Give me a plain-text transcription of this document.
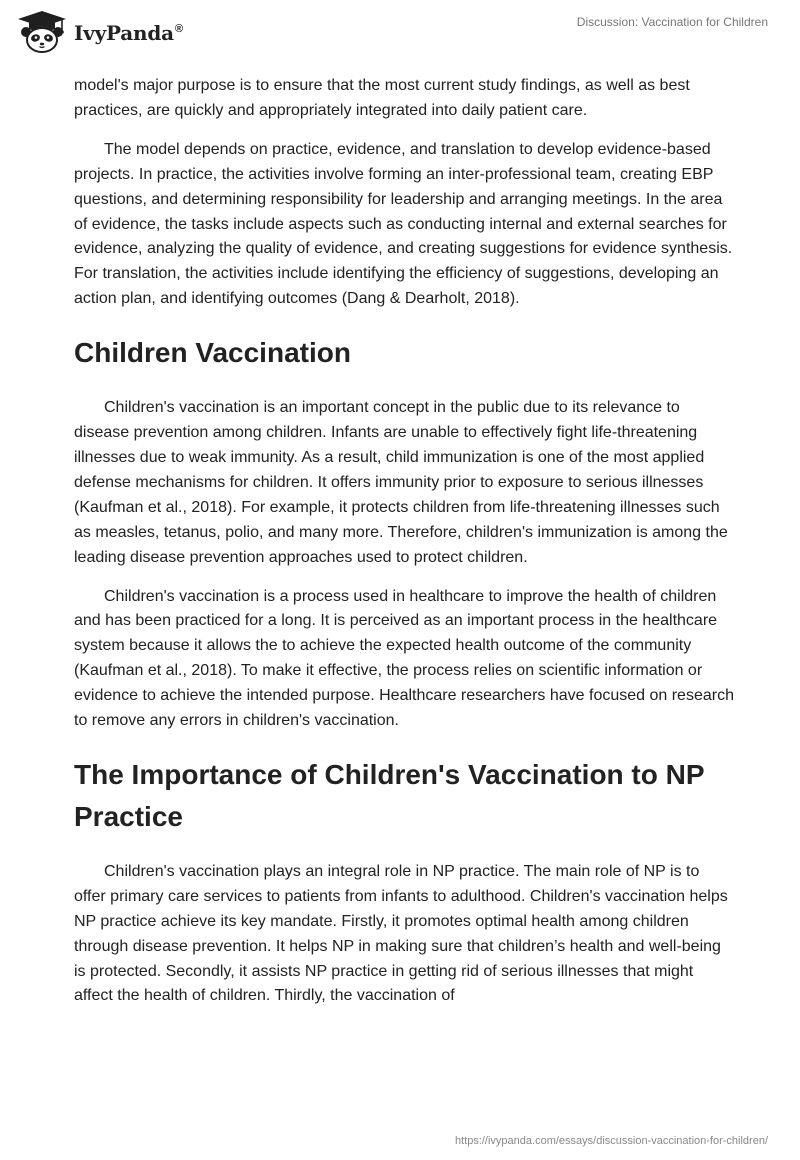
IvyPanda®
Discussion: Vaccination for Children

model's major purpose is to ensure that the most current study findings, as well as best practices, are quickly and appropriately integrated into daily patient care.

The model depends on practice, evidence, and translation to develop evidence-based projects. In practice, the activities involve forming an inter-professional team, creating EBP questions, and determining responsibility for leadership and arranging meetings. In the area of evidence, the tasks include aspects such as conducting internal and external searches for evidence, analyzing the quality of evidence, and creating suggestions for evidence synthesis. For translation, the activities include identifying the efficiency of suggestions, developing an action plan, and identifying outcomes (Dang & Dearholt, 2018).

Children Vaccination

Children's vaccination is an important concept in the public due to its relevance to disease prevention among children. Infants are unable to effectively fight life-threatening illnesses due to weak immunity. As a result, child immunization is one of the most applied defense mechanisms for children. It offers immunity prior to exposure to serious illnesses (Kaufman et al., 2018). For example, it protects children from life-threatening illnesses such as measles, tetanus, polio, and many more. Therefore, children's immunization is among the leading disease prevention approaches used to protect children.

Children's vaccination is a process used in healthcare to improve the health of children and has been practiced for a long. It is perceived as an important process in the healthcare system because it allows the to achieve the expected health outcome of the community (Kaufman et al., 2018). To make it effective, the process relies on scientific information or evidence to achieve the intended purpose. Healthcare researchers have focused on research to remove any errors in children's vaccination.

The Importance of Children's Vaccination to NP Practice

Children's vaccination plays an integral role in NP practice. The main role of NP is to offer primary care services to patients from infants to adulthood. Children's vaccination helps NP practice achieve its key mandate. Firstly, it promotes optimal health among children through disease prevention. It helps NP in making sure that children’s health and well-being is protected. Secondly, it assists NP practice in getting rid of serious illnesses that might affect the health of children. Thirdly, the vaccination of

https://ivypanda.com/essays/discussion-vaccination-for-children/
